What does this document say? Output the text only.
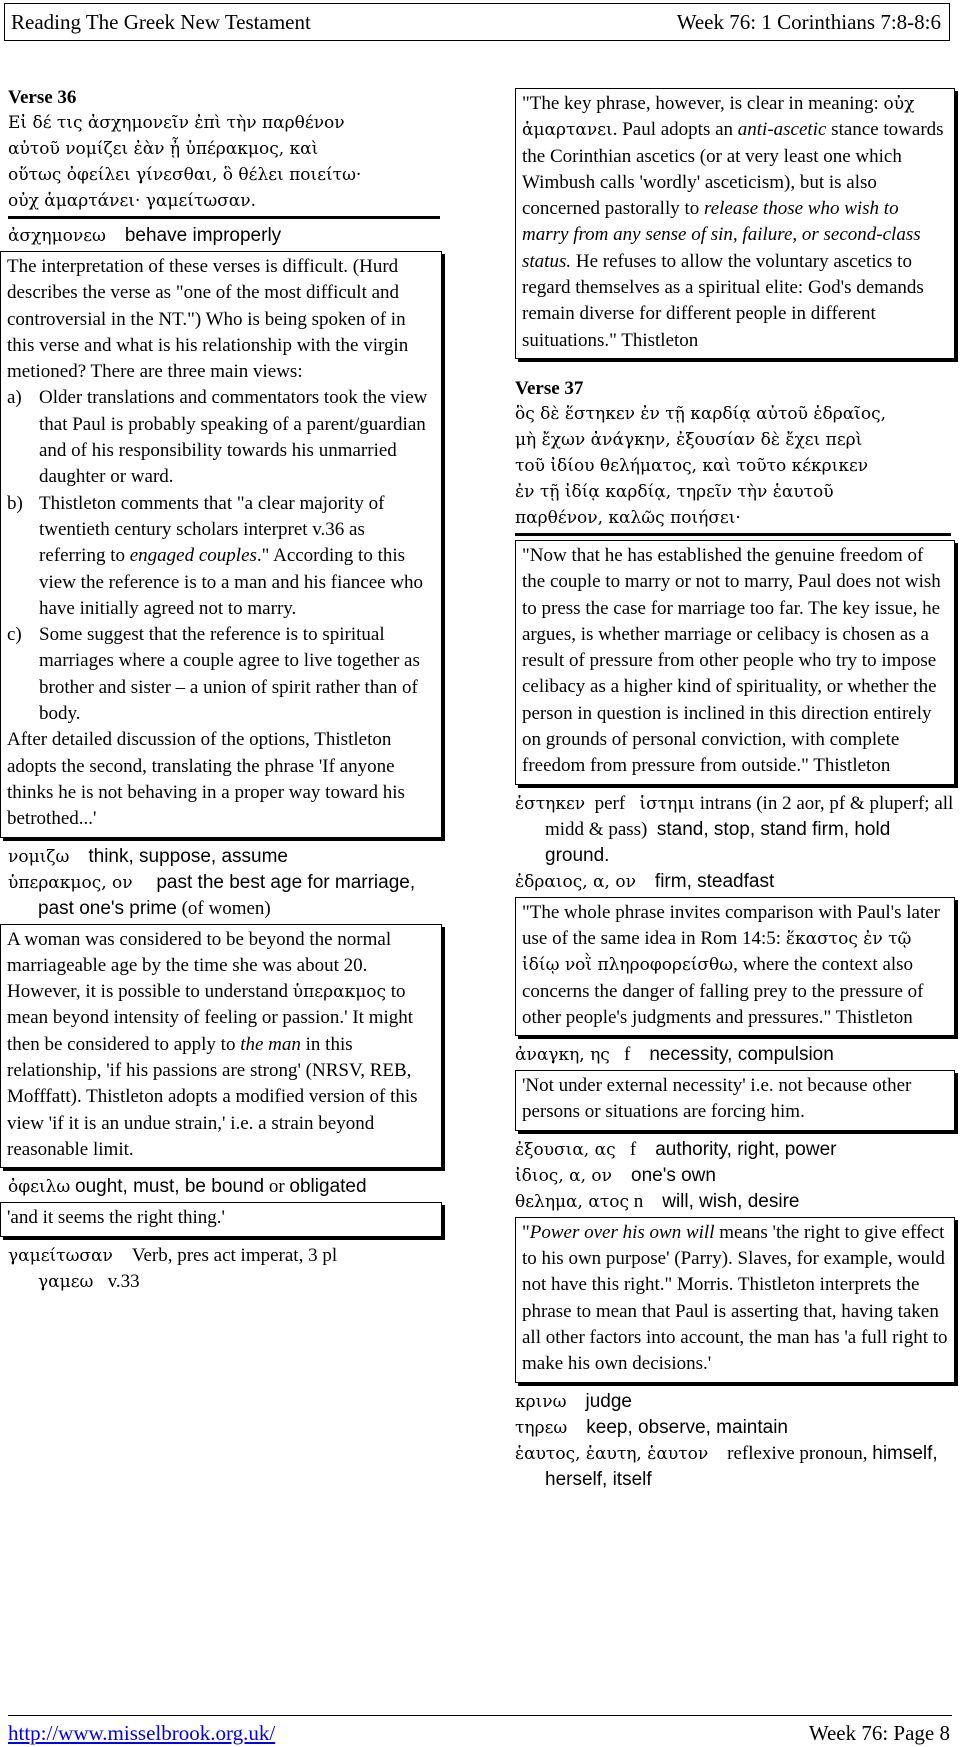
Reading The Greek New Testament	Week 76: 1 Corinthians 7:8-8:6
Verse 36
Εἰ δέ τις ἀσχημονεῖν ἐπὶ τὴν παρθένον
αὐτοῦ νομίζει ἐὰν ᾖ ὑπέρακμος, καὶ
οὕτως ὀφείλει γίνεσθαι, ὃ θέλει ποιείτω·
οὐχ ἁμαρτάνει· γαμείτωσαν.
ἀσχημονεω behave improperly

The interpretation of these verses is difficult. (Hurd describes the verse as "one of the most difficult and controversial in the NT.") Who is being spoken of in this verse and what is his relationship with the virgin metioned? There are three main views:

a) Older translations and commentators took the view that Paul is probably speaking of a parent/guardian and of his responsibility towards his unmarried daughter or ward.

b) Thistleton comments that "a clear majority of twentieth century scholars interpret v.36 as referring to engaged couples." According to this view the reference is to a man and his fiancee who have initially agreed not to marry.

c) Some suggest that the reference is to spiritual marriages where a couple agree to live together as brother and sister – a union of spirit rather than of body.

After detailed discussion of the options, Thistleton adopts the second, translating the phrase 'If anyone thinks he is not behaving in a proper way toward his betrothed...'

νομιζω think, suppose, assume
ὑπερακμος, ον past the best age for marriage, past one's prime (of women)

A woman was considered to be beyond the normal marriageable age by the time she was about 20.

However, it is possible to understand ὑπερακμος to mean beyond intensity of feeling or passion.' It might then be considered to apply to the man in this relationship, 'if his passions are strong' (NRSV, REB, Mofffatt). Thistleton adopts a modified version of this view 'if it is an undue strain,' i.e. a strain beyond reasonable limit.

ὀφειλω ought, must, be bound or obligated

'and it seems the right thing.'

γαμείτωσαν Verb, pres act imperat, 3 pl
γαμεω v.33

"The key phrase, however, is clear in meaning: οὐχ ἁμαρτανει. Paul adopts an anti-ascetic stance towards the Corinthian ascetics (or at very least one which Wimbush calls 'wordly' asceticism), but is also concerned pastorally to release those who wish to marry from any sense of sin, failure, or second-class status. He refuses to allow the voluntary ascetics to regard themselves as a spiritual elite: God's demands remain diverse for different people in different suituations." Thistleton

Verse 37
ὃς δὲ ἕστηκεν ἐν τῇ καρδίᾳ αὐτοῦ ἑδραῖος,
μὴ ἔχων ἀνάγκην, ἐξουσίαν δὲ ἔχει περὶ
τοῦ ἰδίου θελήματος, καὶ τοῦτο κέκρικεν
ἐν τῇ ἰδίᾳ καρδίᾳ, τηρεῖν τὴν ἑαυτοῦ
παρθένον, καλῶς ποιήσει·

"Now that he has established the genuine freedom of the couple to marry or not to marry, Paul does not wish to press the case for marriage too far. The key issue, he argues, is whether marriage or celibacy is chosen as a result of pressure from other people who try to impose celibacy as a higher kind of spirituality, or whether the person in question is inclined in this direction entirely on grounds of personal conviction, with complete freedom from pressure from outside." Thistleton

ἑστηκεν perf ἱστημι intrans (in 2 aor, pf & pluperf; all midd & pass) stand, stop, stand firm, hold ground.
ἑδραιος, α, ον firm, steadfast

"The whole phrase invites comparison with Paul's later use of the same idea in Rom 14:5: ἕκαστος ἐν τῷ ἰδίῳ νοῒ πληροφορείσθω, where the context also concerns the danger of falling prey to the pressure of other people's judgments and pressures." Thistleton

ἀναγκη, ης f necessity, compulsion

'Not under external necessity' i.e. not because other persons or situations are forcing him.

ἐξουσια, ας f authority, right, power
ἰδιος, α, ον one's own
θελημα, ατος n will, wish, desire

"Power over his own will means 'the right to give effect to his own purpose' (Parry). Slaves, for example, would not have this right." Morris. Thistleton interprets the phrase to mean that Paul is asserting that, having taken all other factors into account, the man has 'a full right to make his own decisions.'

κρινω judge
τηρεω keep, observe, maintain
ἑαυτος, ἑαυτη, ἑαυτον reflexive pronoun, himself, herself, itself
http://www.misselbrook.org.uk/	Week 76: Page 8
